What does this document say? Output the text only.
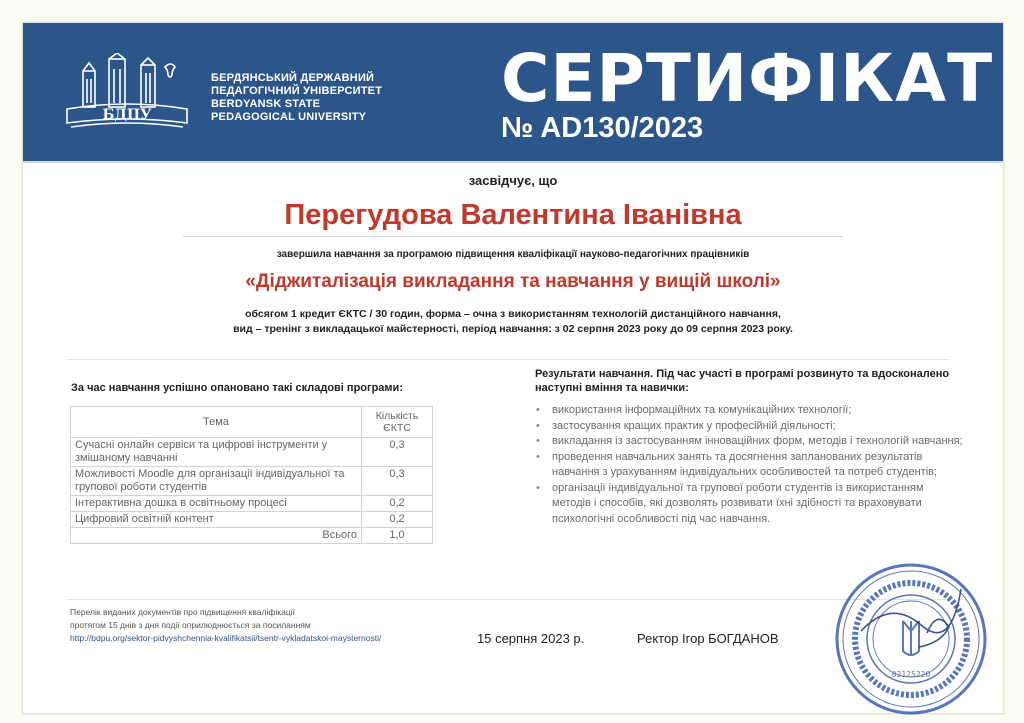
БДПУ
БЕРДЯНСЬКИЙ ДЕРЖАВНИЙ
ПЕДАГОГІЧНИЙ УНІВЕРСИТЕТ
BERDYANSK STATE
PEDAGOGICAL UNIVERSITY	СЕРТИФІКАТ
№ AD130/2023
засвідчує, що
Перегудова Валентина Іванівна
завершила навчання за програмою підвищення кваліфікації науково-педагогічних працівників
«Діджиталізація викладання та навчання у вищій школі»
обсягом 1 кредит ЄКТС / 30 годин, форма – очна з використанням технологій дистанційного навчання,
вид – тренінг з викладацької майстерності, період навчання: з 02 серпня 2023 року до 09 серпня 2023 року.
За час навчання успішно опановано такі складові програми:
Тема	Кількість ЄКТС
Сучасні онлайн сервіси та цифрові інструменти у змішаному навчанні	0,3
Можливості Moodle для організації індивідуальної та групової роботи студентів	0,3
Інтерактивна дошка в освітньому процесі	0,2
Цифровий освітній контент	0,2
Всього	1,0
Результати навчання. Під час участі в програмі розвинуто та вдосконалено наступні вміння та навички:
• використання інформаційних та комунікаційних технології;
• застосування кращих практик у професійній діяльності;
• викладання із застосуванням інноваційних форм, методів і технологій навчання;
• проведення навчальних занять та досягнення запланованих результатів навчання з урахуванням індивідуальних особливостей та потреб студентів;
• організації індивідуальної та групової роботи студентів із використанням методів і способів, які дозволять розвивати їхні здібності та враховувати психологічні особливості під час навчання.
Перелік виданих документів про підвищення кваліфікації
протягом 15 днів з дня події оприлюднюється за посиланням
http://bdpu.org/sektor-pidvyshchennia-kvalifikatsii/tsentr-vykladatskoi-maysternosti/	15 серпня 2023 р.	Ректор Ігор БОГДАНОВ
02125220
